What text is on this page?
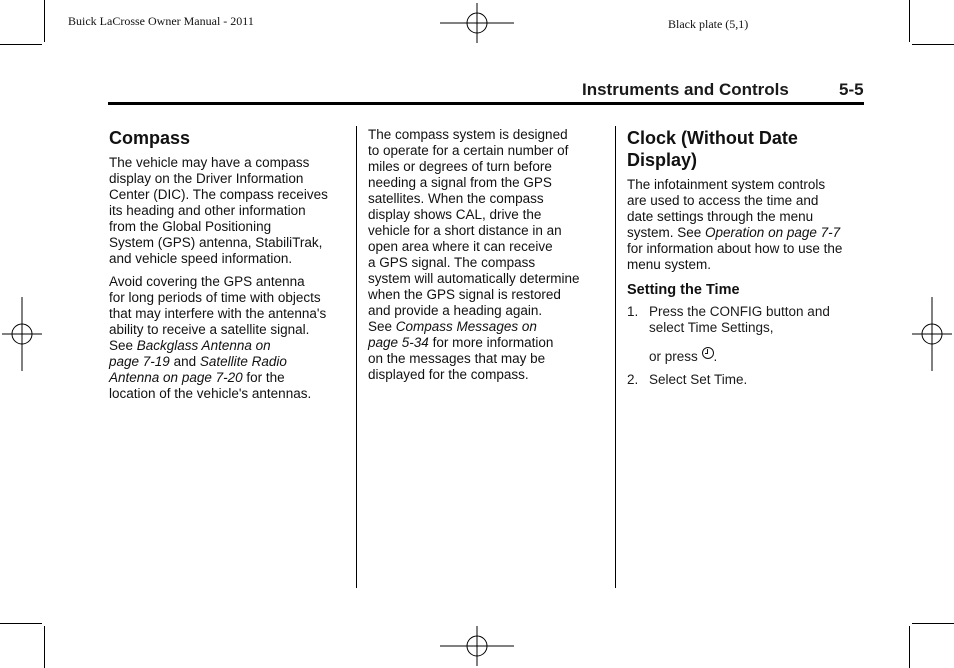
Buick LaCrosse Owner Manual - 2011	Black plate (5,1)
Instruments and Controls	5-5
Compass

The vehicle may have a compass
display on the Driver Information
Center (DIC). The compass receives
its heading and other information
from the Global Positioning
System (GPS) antenna, StabiliTrak,
and vehicle speed information.

Avoid covering the GPS antenna
for long periods of time with objects
that may interfere with the antenna's
ability to receive a satellite signal.
See Backglass Antenna on
page 7-19 and Satellite Radio
Antenna on page 7-20 for the
location of the vehicle's antennas.

The compass system is designed
to operate for a certain number of
miles or degrees of turn before
needing a signal from the GPS
satellites. When the compass
display shows CAL, drive the
vehicle for a short distance in an
open area where it can receive
a GPS signal. The compass
system will automatically determine
when the GPS signal is restored
and provide a heading again.
See Compass Messages on
page 5-34 for more information
on the messages that may be
displayed for the compass.

Clock (Without Date
Display)

The infotainment system controls
are used to access the time and
date settings through the menu
system. See Operation on page 7-7
for information about how to use the
menu system.

Setting the Time
1. Press the CONFIG button and
select Time Settings,

or press .
2. Select Set Time.
